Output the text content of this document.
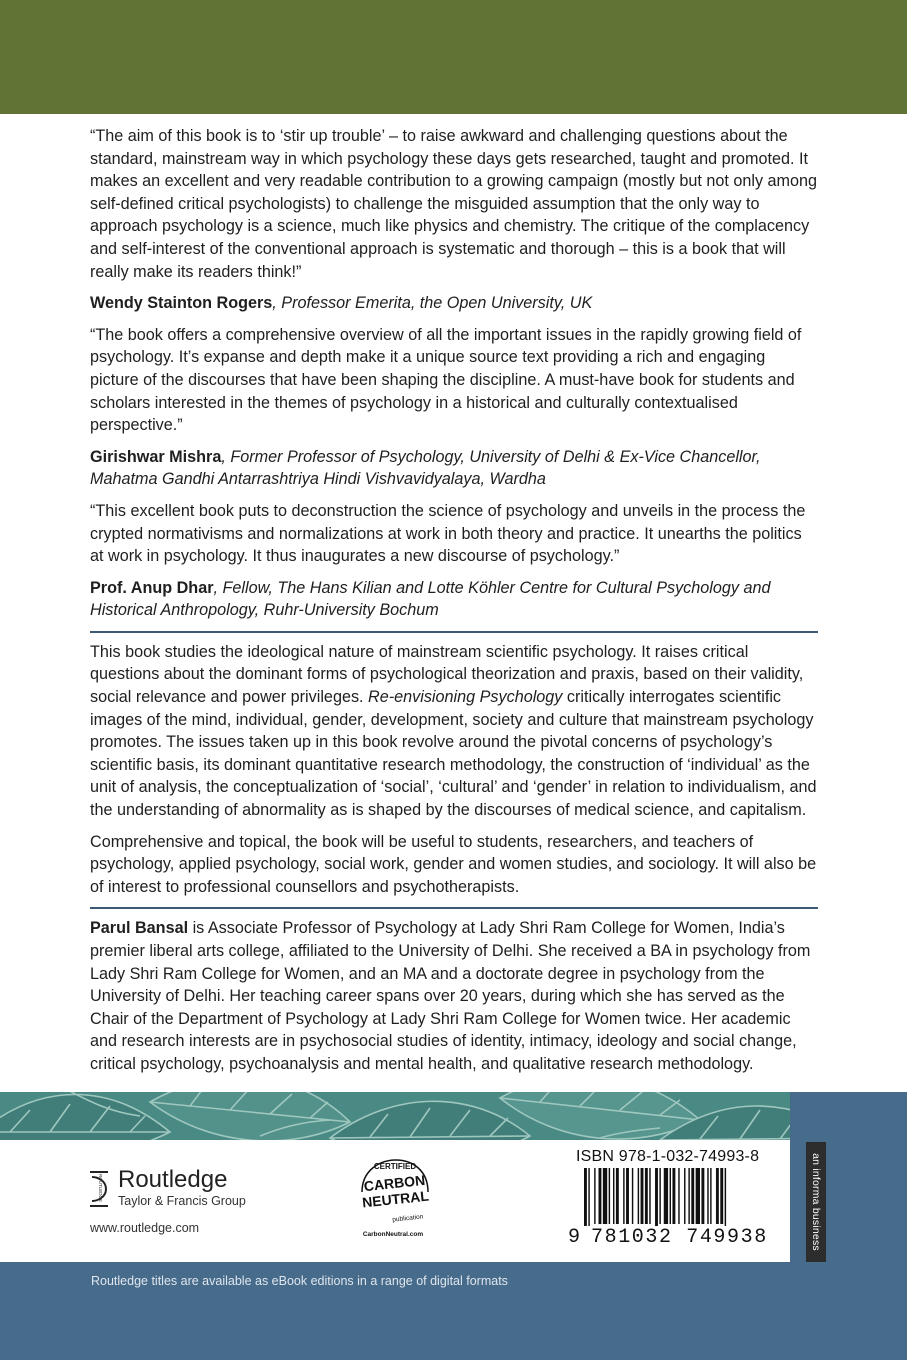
“The aim of this book is to ‘stir up trouble’ – to raise awkward and challenging questions about the standard, mainstream way in which psychology these days gets researched, taught and promoted. It makes an excellent and very readable contribution to a growing campaign (mostly but not only among self-defined critical psychologists) to challenge the misguided assumption that the only way to approach psychology is a science, much like physics and chemistry. The critique of the complacency and self-interest of the conventional approach is systematic and thorough – this is a book that will really make its readers think!”

Wendy Stainton Rogers, Professor Emerita, the Open University, UK

“The book offers a comprehensive overview of all the important issues in the rapidly growing field of psychology. It’s expanse and depth make it a unique source text providing a rich and engaging picture of the discourses that have been shaping the discipline. A must-have book for students and scholars interested in the themes of psychology in a historical and culturally contextualised perspective.”

Girishwar Mishra, Former Professor of Psychology, University of Delhi & Ex-Vice Chancellor, Mahatma Gandhi Antarrashtriya Hindi Vishvavidyalaya, Wardha

“This excellent book puts to deconstruction the science of psychology and unveils in the process the crypted normativisms and normalizations at work in both theory and practice. It unearths the politics at work in psychology. It thus inaugurates a new discourse of psychology.”

Prof. Anup Dhar, Fellow, The Hans Kilian and Lotte Köhler Centre for Cultural Psychology and Historical Anthropology, Ruhr-University Bochum

This book studies the ideological nature of mainstream scientific psychology. It raises critical questions about the dominant forms of psychological theorization and praxis, based on their validity, social relevance and power privileges. Re-envisioning Psychology critically interrogates scientific images of the mind, individual, gender, development, society and culture that mainstream psychology promotes. The issues taken up in this book revolve around the pivotal concerns of psychology’s scientific basis, its dominant quantitative research methodology, the construction of ‘individual’ as the unit of analysis, the conceptualization of ‘social’, ‘cultural’ and ‘gender’ in relation to individualism, and the understanding of abnormality as is shaped by the discourses of medical science, and capitalism.

Comprehensive and topical, the book will be useful to students, researchers, and teachers of psychology, applied psychology, social work, gender and women studies, and sociology. It will also be of interest to professional counsellors and psychotherapists.

Parul Bansal is Associate Professor of Psychology at Lady Shri Ram College for Women, India’s premier liberal arts college, affiliated to the University of Delhi. She received a BA in psychology from Lady Shri Ram College for Women, and an MA and a doctorate degree in psychology from the University of Delhi. Her teaching career spans over 20 years, during which she has served as the Chair of the Department of Psychology at Lady Shri Ram College for Women twice. Her academic and research interests are in psychosocial studies of identity, intimacy, ideology and social change, critical psychology, psychoanalysis and mental health, and qualitative research methodology.

an informa business
ROUTLEDGE Routledge
Taylor & Francis Group
www.routledge.com
CERTIFIED
CARBON
NEUTRAL
publication
CarbonNeutral.com
ISBN 978-1-032-74993-8
9 781032 749938
Routledge titles are available as eBook editions in a range of digital formats
